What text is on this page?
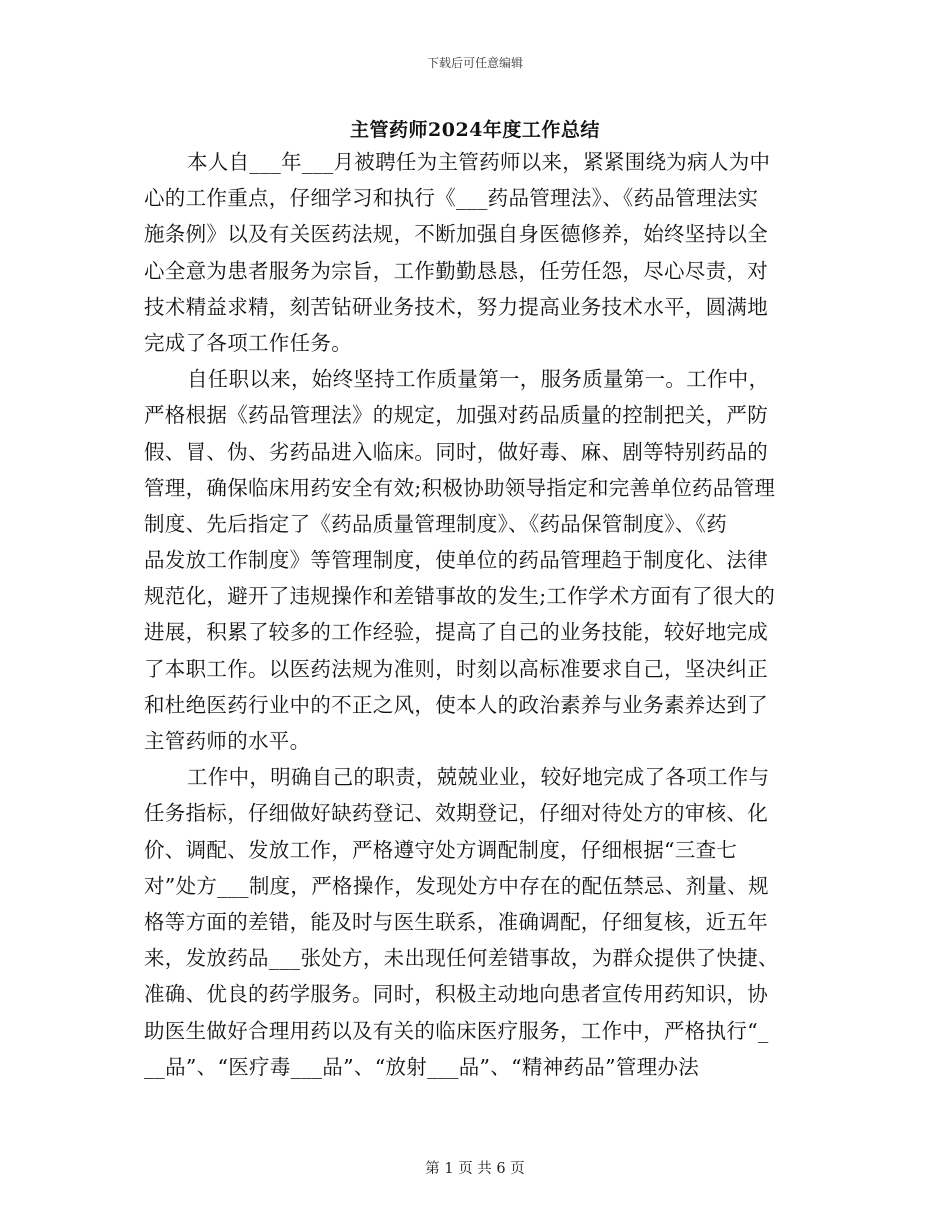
下载后可任意编辑
主管药师2024年度工作总结
本人自___年___月被聘任为主管药师以来，紧紧围绕为病人为中
心的工作重点，仔细学习和执行《___药品管理法》、《药品管理法实
施条例》以及有关医药法规，不断加强自身医德修养，始终坚持以全
心全意为患者服务为宗旨，工作勤勤恳恳，任劳任怨，尽心尽责，对
技术精益求精，刻苦钻研业务技术，努力提高业务技术水平，圆满地
完成了各项工作任务。
自任职以来，始终坚持工作质量第一，服务质量第一。工作中，
严格根据《药品管理法》的规定，加强对药品质量的控制把关，严防
假、冒、伪、劣药品进入临床。同时，做好毒、麻、剧等特别药品的
管理，确保临床用药安全有效;积极协助领导指定和完善单位药品管理
制度、先后指定了《药品质量管理制度》、《药品保管制度》、《药
品发放工作制度》等管理制度，使单位的药品管理趋于制度化、法律
规范化，避开了违规操作和差错事故的发生;工作学术方面有了很大的
进展，积累了较多的工作经验，提高了自己的业务技能，较好地完成
了本职工作。以医药法规为准则，时刻以高标准要求自己，坚决纠正
和杜绝医药行业中的不正之风，使本人的政治素养与业务素养达到了
主管药师的水平。
工作中，明确自己的职责，兢兢业业，较好地完成了各项工作与
任务指标，仔细做好缺药登记、效期登记，仔细对待处方的审核、化
价、调配、发放工作，严格遵守处方调配制度，仔细根据“三查七
对”处方___制度，严格操作，发现处方中存在的配伍禁忌、剂量、规
格等方面的差错，能及时与医生联系，准确调配，仔细复核，近五年
来，发放药品___张处方，未出现任何差错事故，为群众提供了快捷、
准确、优良的药学服务。同时，积极主动地向患者宣传用药知识，协
助医生做好合理用药以及有关的临床医疗服务，工作中，严格执行“_
__品”、“医疗毒___品”、“放射___品”、“精神药品”管理办法
第 1 页 共 6 页
